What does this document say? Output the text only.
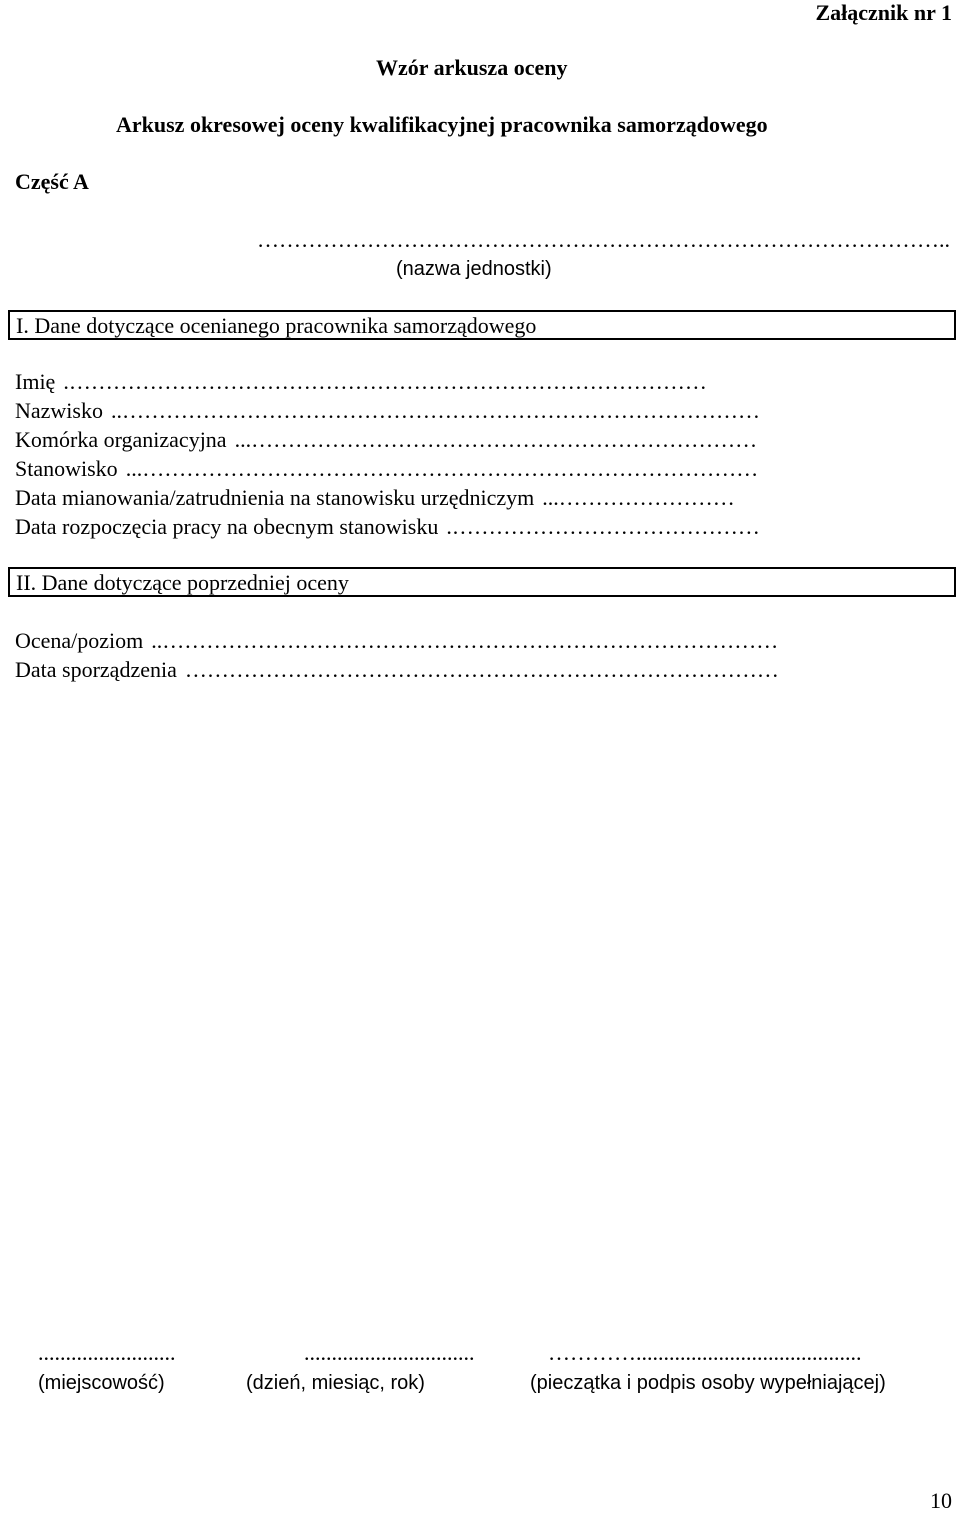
Załącznik nr 1
Wzór arkusza oceny
Arkusz okresowej oceny kwalifikacyjnej pracownika samorządowego
Część A
…………………………………………………………………………………..
(nazwa jednostki)
I. Dane dotyczące ocenianego pracownika samorządowego
Imię …………………………………………………………………………….
Nazwisko ……………………………………………………………………………..
Komórka organizacyjna ……………………………………………………………...
Stanowisko …………………………………………………………………………...
Data mianowania/zatrudnienia na stanowisku urzędniczym ……………………...
Data rozpoczęcia pracy na obecnym stanowisku …………………………………….
II. Dane dotyczące poprzedniej oceny
Ocena/poziom …………………………………………………………………………..
Data sporządzenia ………………………………………………………………………
.........................
(miejscowość)
...............................
(dzień, miesiąc, rok)
………….........................................
(pieczątka i podpis osoby wypełniającej)
10
